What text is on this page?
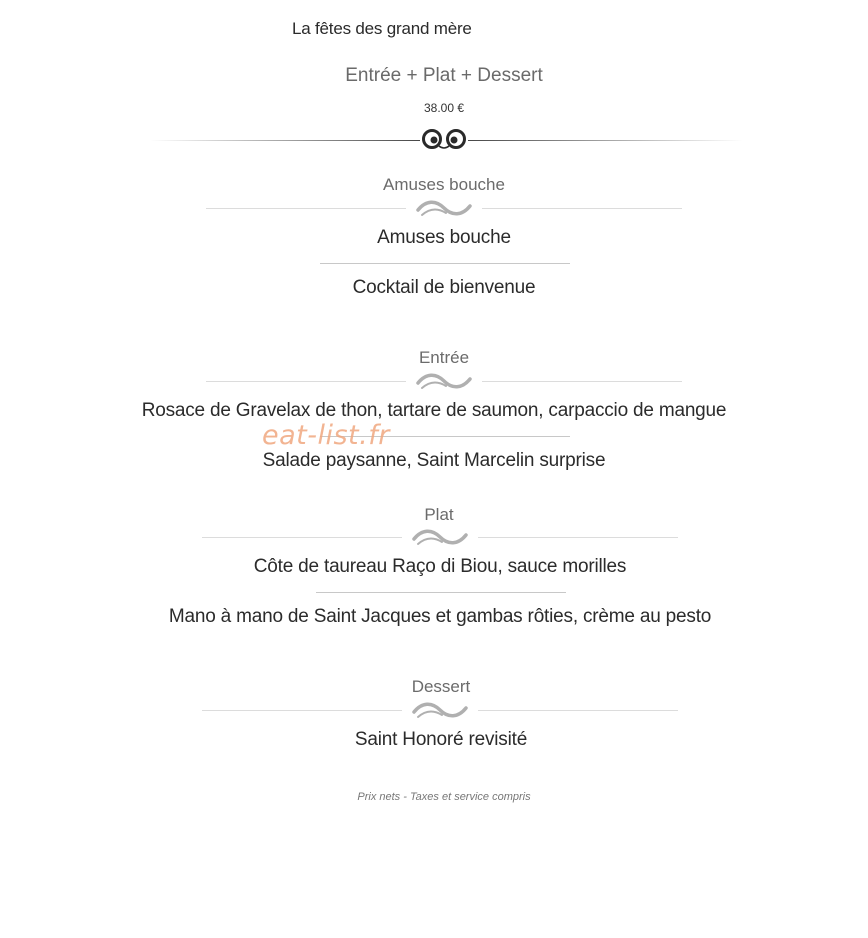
La fêtes des grand mère
Entrée + Plat + Dessert
38.00 €
Amuses bouche
Amuses bouche
Cocktail de bienvenue
Entrée
Rosace de Gravelax de thon, tartare de saumon, carpaccio de mangue
Salade paysanne, Saint Marcelin surprise
Plat
Côte de taureau Raço di Biou, sauce morilles
Mano à mano de Saint Jacques et gambas rôties, crème au pesto
Dessert
Saint Honoré revisité
Prix nets - Taxes et service compris
eat-list.fr
